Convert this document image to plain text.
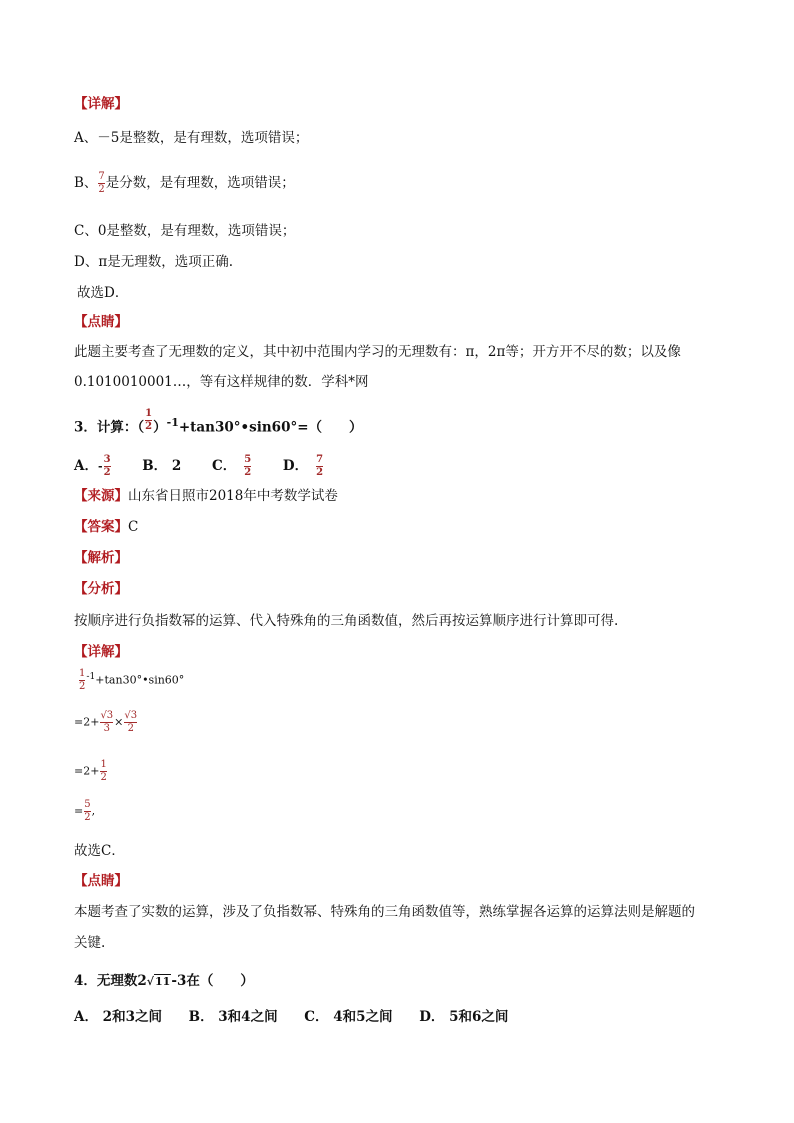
【详解】
A、－5是整数，是有理数，选项错误；
B、 $\frac{7}{2}$ 是分数，是有理数，选项错误；
C、0是整数，是有理数，选项错误；
D、π是无理数，选项正确.
故选D．
【点睛】
此题主要考查了无理数的定义，其中初中范围内学习的无理数有：π，2π等；开方开不尽的数；以及像
0.1010010001…，等有这样规律的数．学科*网
3．计算：（ $\frac{1}{2}$ ）$^{-1}$+tan30°•sin60°=（　　）
A．- $\frac{3}{2}$ B． 2 C． $\frac{5}{2}$ D． $\frac{7}{2}$
【来源】山东省日照市2018年中考数学试卷
【答案】C
【解析】
【分析】
按顺序进行负指数幂的运算、代入特殊角的三角函数值，然后再按运算顺序进行计算即可得.
【详解】
$\frac{1}{2}$ $^{-1}$+tan30°•sin60°
$=2+ \frac{√3}{3} \times \frac{√3}{2}$
$=2+ \frac{1}{2}$
= $\frac{5}{2}$ ,
故选C．
【点睛】
本题考查了实数的运算，涉及了负指数幂、特殊角的三角函数值等，熟练掌握各运算的运算法则是解题的
关键.
4．无理数2√11-3在（　　）
A． 2和3之间 B． 3和4之间 C． 4和5之间 D． 5和6之间
